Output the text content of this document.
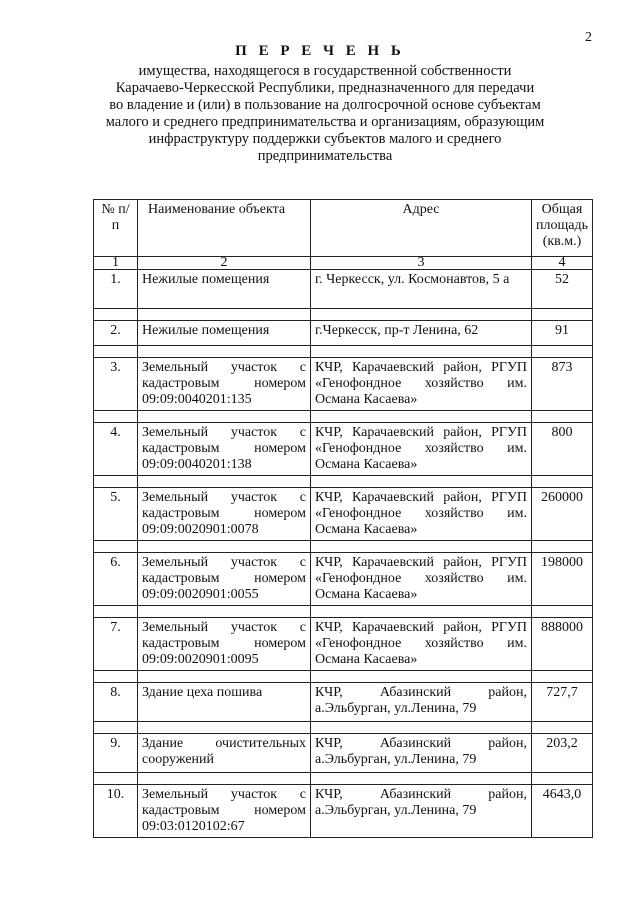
2
П Е Р Е Ч Е Н Ь
имущества, находящегося в государственной собственности
Карачаево-Черкесской Республики, предназначенного для передачи
во владение и (или) в пользование на долгосрочной основе субъектам
малого и среднего предпринимательства и организациям, образующим
инфраструктуру поддержки субъектов малого и среднего
предпринимательства
№ п/п	Наименование объекта	Адрес	Общая площадь (кв.м.)
1	2	3	4
1.	Нежилые помещения	г. Черкесск, ул. Космонавтов, 5 а	52

2.	Нежилые помещения	г.Черкесск, пр-т Ленина, 62	91

3.	Земельный участок с кадастровым номером 09:09:0040201:135	КЧР, Карачаевский район, РГУП «Генофондное хозяйство им. Османа Касаева»	873

4.	Земельный участок с кадастровым номером 09:09:0040201:138	КЧР, Карачаевский район, РГУП «Генофондное хозяйство им. Османа Касаева»	800

5.	Земельный участок с кадастровым номером 09:09:0020901:0078	КЧР, Карачаевский район, РГУП «Генофондное хозяйство им. Османа Касаева»	260000

6.	Земельный участок с кадастровым номером 09:09:0020901:0055	КЧР, Карачаевский район, РГУП «Генофондное хозяйство им. Османа Касаева»	198000

7.	Земельный участок с кадастровым номером 09:09:0020901:0095	КЧР, Карачаевский район, РГУП «Генофондное хозяйство им. Османа Касаева»	888000

8.	Здание цеха пошива	КЧР, Абазинский район, а.Эльбурган, ул.Ленина, 79	727,7

9.	Здание очистительных сооружений	КЧР, Абазинский район, а.Эльбурган, ул.Ленина, 79	203,2

10.	Земельный участок с кадастровым номером 09:03:0120102:67	КЧР, Абазинский район, а.Эльбурган, ул.Ленина, 79	4643,0
